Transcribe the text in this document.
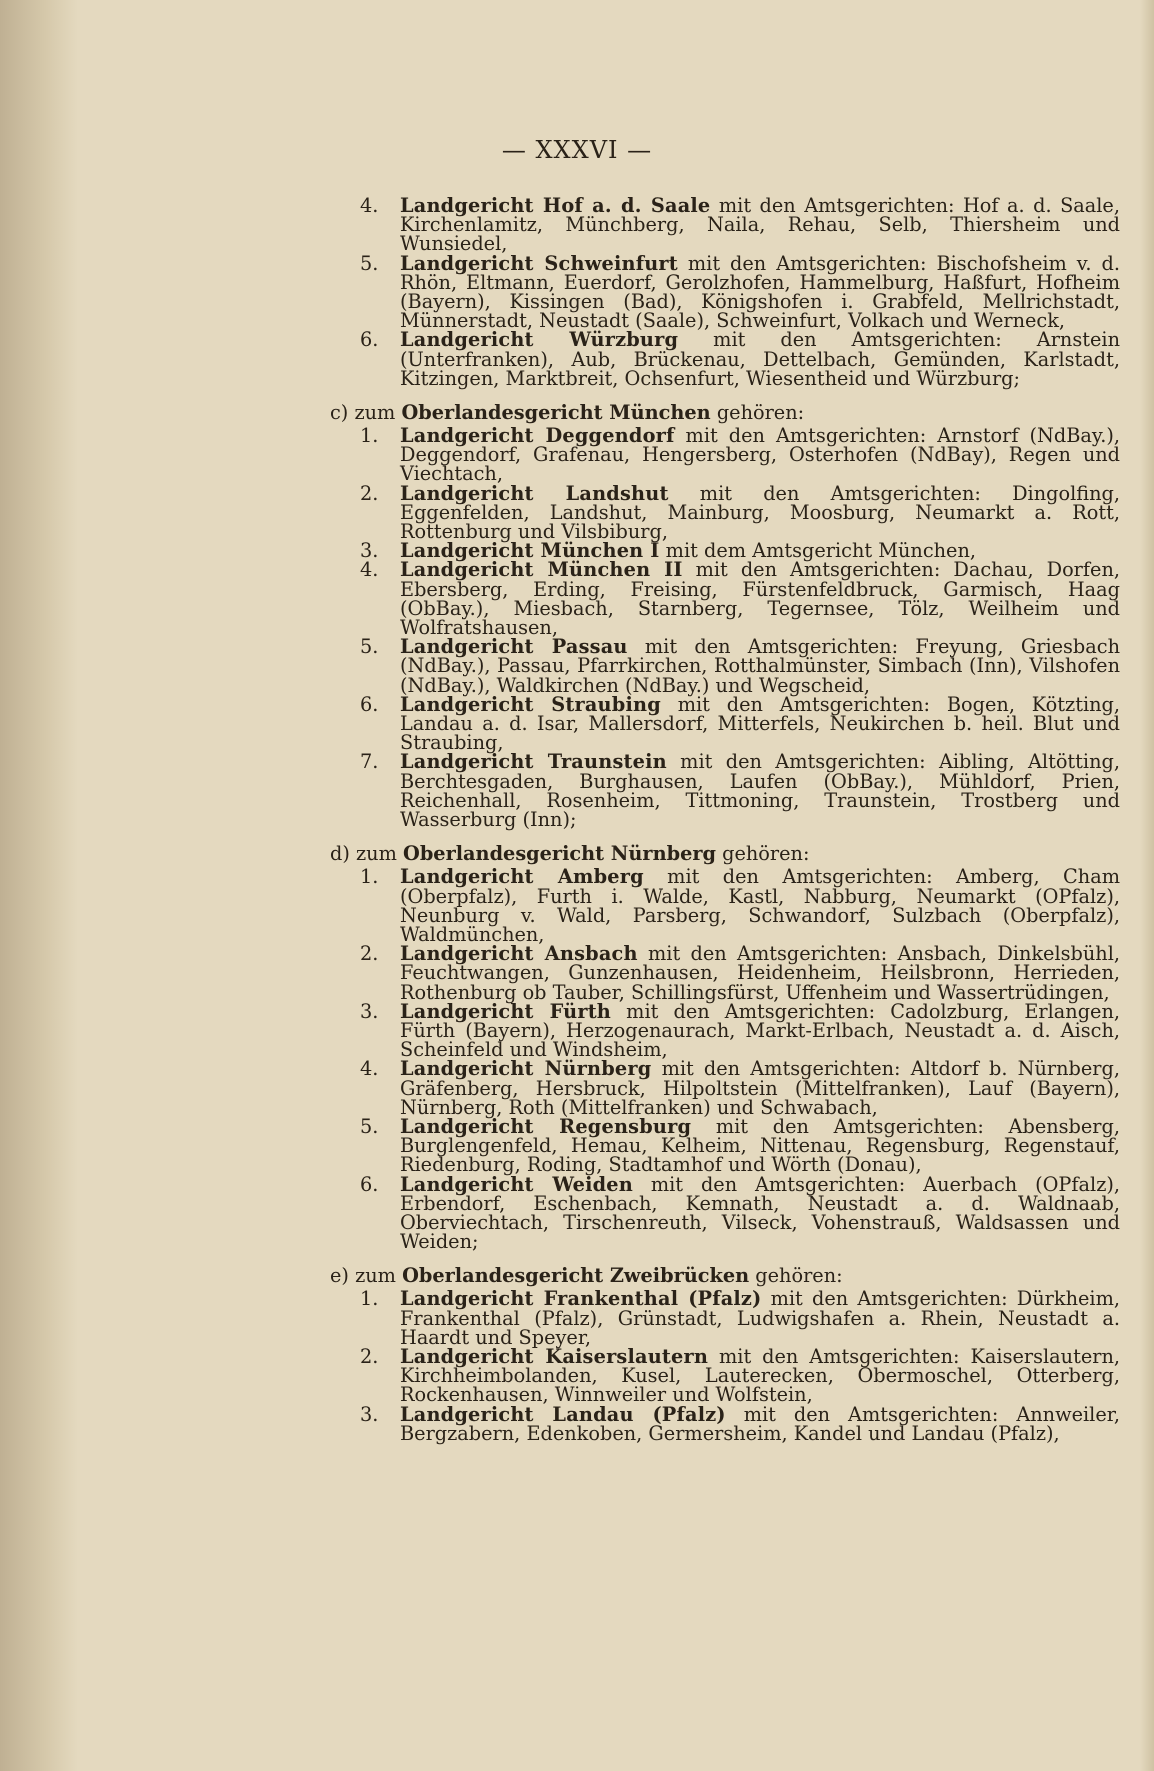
— XXXVI —

4. Landgericht Hof a. d. Saale mit den Amtsgerichten: Hof a. d. Saale, Kirchenlamitz, Münchberg, Naila, Rehau, Selb, Thiersheim und Wunsiedel,

5. Landgericht Schweinfurt mit den Amtsgerichten: Bischofsheim v. d. Rhön, Eltmann, Euerdorf, Gerolzhofen, Hammelburg, Haßfurt, Hofheim (Bayern), Kissingen (Bad), Königshofen i. Grabfeld, Mellrichstadt, Münnerstadt, Neustadt (Saale), Schweinfurt, Volkach und Werneck,

6. Landgericht Würzburg mit den Amtsgerichten: Arnstein (Unterfranken), Aub, Brückenau, Dettelbach, Gemünden, Karlstadt, Kitzingen, Marktbreit, Ochsenfurt, Wiesentheid und Würzburg;

c) zum Oberlandesgericht München gehören:

1. Landgericht Deggendorf mit den Amtsgerichten: Arnstorf (NdBay.), Deggendorf, Grafenau, Hengersberg, Osterhofen (NdBay), Regen und Viechtach,

2. Landgericht Landshut mit den Amtsgerichten: Dingolfing, Eggenfelden, Landshut, Mainburg, Moosburg, Neumarkt a. Rott, Rottenburg und Vilsbiburg,

3. Landgericht München I mit dem Amtsgericht München,

4. Landgericht München II mit den Amtsgerichten: Dachau, Dorfen, Ebersberg, Erding, Freising, Fürstenfeldbruck, Garmisch, Haag (ObBay.), Miesbach, Starnberg, Tegernsee, Tölz, Weilheim und Wolfratshausen,

5. Landgericht Passau mit den Amtsgerichten: Freyung, Griesbach (NdBay.), Passau, Pfarrkirchen, Rotthalmünster, Simbach (Inn), Vilshofen (NdBay.), Waldkirchen (NdBay.) und Wegscheid,

6. Landgericht Straubing mit den Amtsgerichten: Bogen, Kötzting, Landau a. d. Isar, Mallersdorf, Mitterfels, Neukirchen b. heil. Blut und Straubing,

7. Landgericht Traunstein mit den Amtsgerichten: Aibling, Altötting, Berchtesgaden, Burghausen, Laufen (ObBay.), Mühldorf, Prien, Reichenhall, Rosenheim, Tittmoning, Traunstein, Trostberg und Wasserburg (Inn);

d) zum Oberlandesgericht Nürnberg gehören:

1. Landgericht Amberg mit den Amtsgerichten: Amberg, Cham (Oberpfalz), Furth i. Walde, Kastl, Nabburg, Neumarkt (OPfalz), Neunburg v. Wald, Parsberg, Schwandorf, Sulzbach (Oberpfalz), Waldmünchen,

2. Landgericht Ansbach mit den Amtsgerichten: Ansbach, Dinkelsbühl, Feuchtwangen, Gunzenhausen, Heidenheim, Heilsbronn, Herrieden, Rothenburg ob Tauber, Schillingsfürst, Uffenheim und Wassertrüdingen,

3. Landgericht Fürth mit den Amtsgerichten: Cadolzburg, Erlangen, Fürth (Bayern), Herzogenaurach, Markt-Erlbach, Neustadt a. d. Aisch, Scheinfeld und Windsheim,

4. Landgericht Nürnberg mit den Amtsgerichten: Altdorf b. Nürnberg, Gräfenberg, Hersbruck, Hilpoltstein (Mittelfranken), Lauf (Bayern), Nürnberg, Roth (Mittelfranken) und Schwabach,

5. Landgericht Regensburg mit den Amtsgerichten: Abensberg, Burglengenfeld, Hemau, Kelheim, Nittenau, Regensburg, Regenstauf, Riedenburg, Roding, Stadtamhof und Wörth (Donau),

6. Landgericht Weiden mit den Amtsgerichten: Auerbach (OPfalz), Erbendorf, Eschenbach, Kemnath, Neustadt a. d. Waldnaab, Oberviechtach, Tirschenreuth, Vilseck, Vohenstrauß, Waldsassen und Weiden;

e) zum Oberlandesgericht Zweibrücken gehören:

1. Landgericht Frankenthal (Pfalz) mit den Amtsgerichten: Dürkheim, Frankenthal (Pfalz), Grünstadt, Ludwigshafen a. Rhein, Neustadt a. Haardt und Speyer,

2. Landgericht Kaiserslautern mit den Amtsgerichten: Kaiserslautern, Kirchheimbolanden, Kusel, Lauterecken, Obermoschel, Otterberg, Rockenhausen, Winnweiler und Wolfstein,

3. Landgericht Landau (Pfalz) mit den Amtsgerichten: Annweiler, Bergzabern, Edenkoben, Germersheim, Kandel und Landau (Pfalz),
